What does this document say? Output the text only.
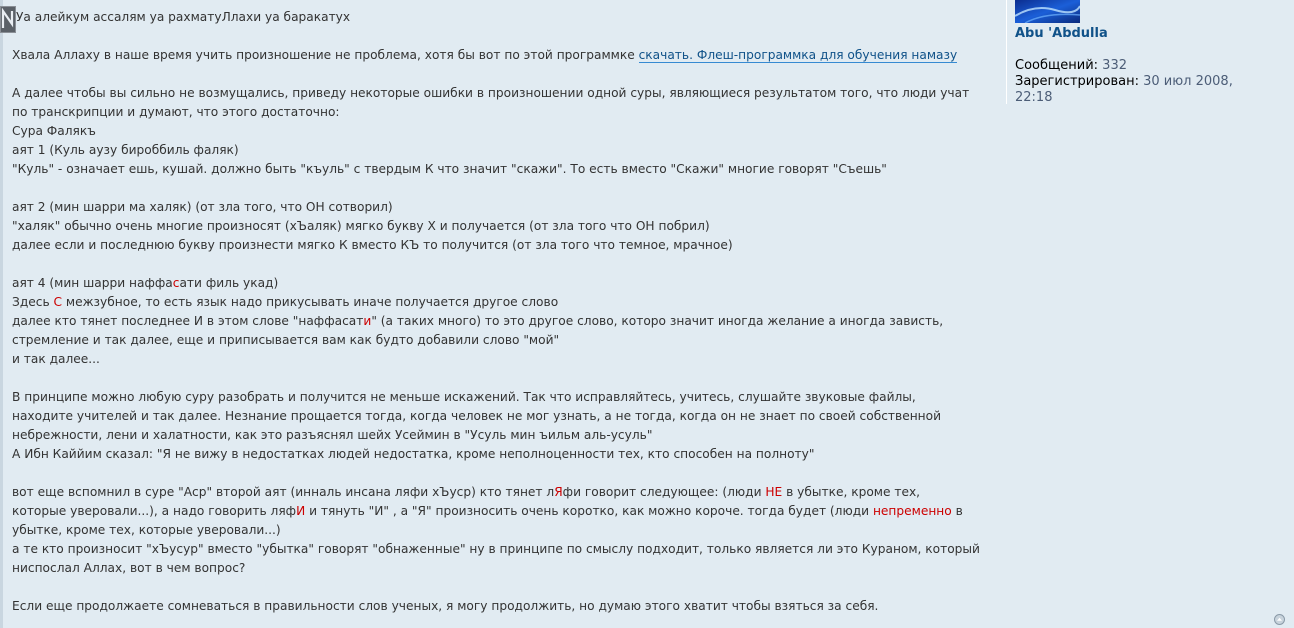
Уа алейкум ассалям уа рахматуЛлахи уа баракатух

Хвала Аллаху в наше время учить произношение не проблема, хотя бы вот по этой программке скачать. Флеш-программка для обучения намазу

А далее чтобы вы сильно не возмущались, приведу некоторые ошибки в произношении одной суры, являющиеся результатом того, что люди учат

по транскрипции и думают, что этого достаточно:

Сура Фалякъ

аят 1 (Куль аузу бироббиль фаляк)

"Куль" - означает ешь, кушай. должно быть "къуль" с твердым К что значит "скажи". То есть вместо "Скажи" многие говорят "Съешь"

аят 2 (мин шарри ма халяк) (от зла того, что ОН сотворил)

"халяк" обычно очень многие произносят (хЪаляк) мягко букву Х и получается (от зла того что ОН побрил)

далее если и последнюю букву произнести мягко К вместо КЪ то получится (от зла того что темное, мрачное)

аят 4 (мин шарри наффасати филь укад)

Здесь С межзубное, то есть язык надо прикусывать иначе получается другое слово

далее кто тянет последнее И в этом слове "наффасати" (а таких много) то это другое слово, которо значит иногда желание а иногда зависть,

стремление и так далее, еще и приписывается вам как будто добавили слово "мой"

и так далее...

В принципе можно любую суру разобрать и получится не меньше искажений. Так что исправляйтесь, учитесь, слушайте звуковые файлы,

находите учителей и так далее. Незнание прощается тогда, когда человек не мог узнать, а не тогда, когда он не знает по своей собственной

небрежности, лени и халатности, как это разъяснял шейх Усеймин в "Усуль мин ъильм аль-усуль"

А Ибн Каййим сказал: "Я не вижу в недостатках людей недостатка, кроме неполноценности тех, кто способен на полноту"

вот еще вспомнил в суре "Аср" второй аят (инналь инсана ляфи хЪуср) кто тянет лЯфи говорит следующее: (люди НЕ в убытке, кроме тех,

которые уверовали...), а надо говорить ляфИ и тянуть "И" , а "Я" произносить очень коротко, как можно короче. тогда будет (люди непременно в

убытке, кроме тех, которые уверовали...)

а те кто произносит "хЪусур" вместо "убытка" говорят "обнаженные" ну в принципе по смыслу подходит, только является ли это Кураном, который

ниспослал Аллах, вот в чем вопрос?

Если еще продолжаете сомневаться в правильности слов ученых, я могу продолжить, но думаю этого хватит чтобы взяться за себя.

Abu 'Abdulla
Сообщений: 332
Зарегистрирован: 30 июл 2008,
22:18
